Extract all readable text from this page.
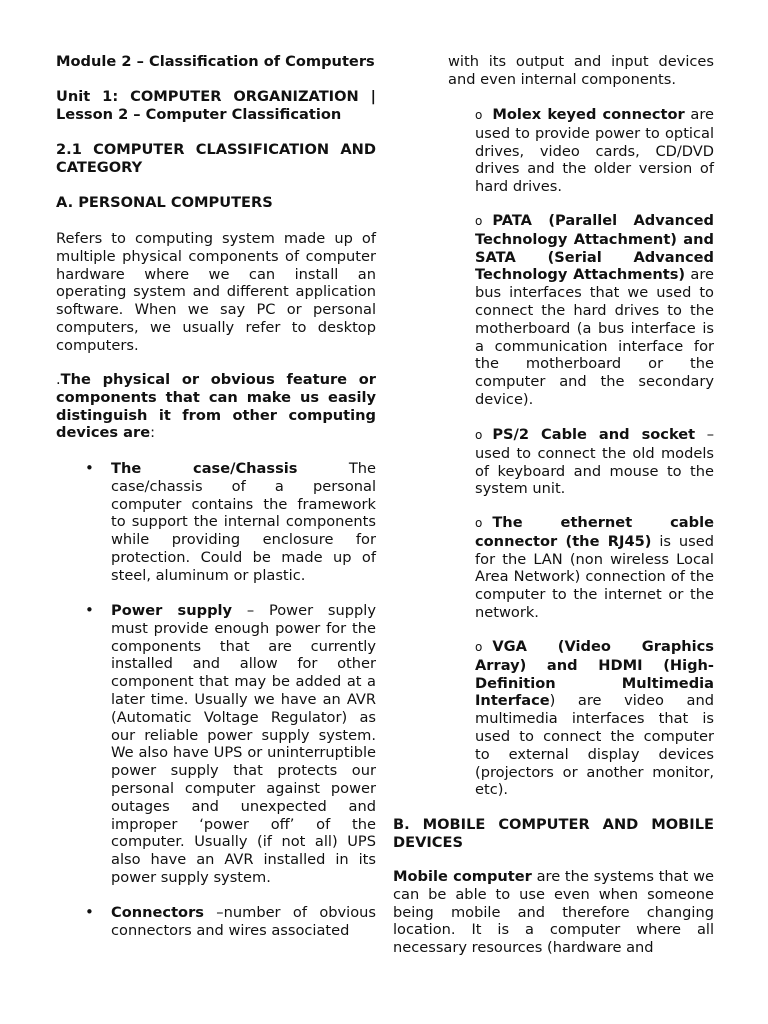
Module 2 – Classification of Computers

Unit 1: COMPUTER ORGANIZATION | Lesson 2 – Computer Classification

2.1 COMPUTER CLASSIFICATION AND CATEGORY

A. PERSONAL COMPUTERS

Refers to computing system made up of multiple physical components of computer hardware where we can install an operating system and different application software. When we say PC or personal computers, we usually refer to desktop computers.

.The physical or obvious feature or components that can make us easily distinguish it from other computing devices are:

• The case/Chassis The case/chassis of a personal computer contains the framework to support the internal components while providing enclosure for protection. Could be made up of steel, aluminum or plastic.

• Power supply – Power supply must provide enough power for the components that are currently installed and allow for other component that may be added at a later time. Usually we have an AVR (Automatic Voltage Regulator) as our reliable power supply system. We also have UPS or uninterruptible power supply that protects our personal computer against power outages and unexpected and improper ‘power off’ of the computer. Usually (if not all) UPS also have an AVR installed in its power supply system.

• Connectors –number of obvious connectors and wires associated

with its output and input devices and even internal components.

o Molex keyed connector are used to provide power to optical drives, video cards, CD/DVD drives and the older version of hard drives.

o PATA (Parallel Advanced Technology Attachment) and SATA (Serial Advanced Technology Attachments) are bus interfaces that we used to connect the hard drives to the motherboard (a bus interface is a communication interface for the motherboard or the computer and the secondary device).

o PS/2 Cable and socket – used to connect the old models of keyboard and mouse to the system unit.

o The ethernet cable connector (the RJ45) is used for the LAN (non wireless Local Area Network) connection of the computer to the internet or the network.

o VGA (Video Graphics Array) and HDMI (High-Definition Multimedia Interface) are video and multimedia interfaces that is used to connect the computer to external display devices (projectors or another monitor, etc).

B. MOBILE COMPUTER AND MOBILE DEVICES

Mobile computer are the systems that we can be able to use even when someone being mobile and therefore changing location. It is a computer where all necessary resources (hardware and
